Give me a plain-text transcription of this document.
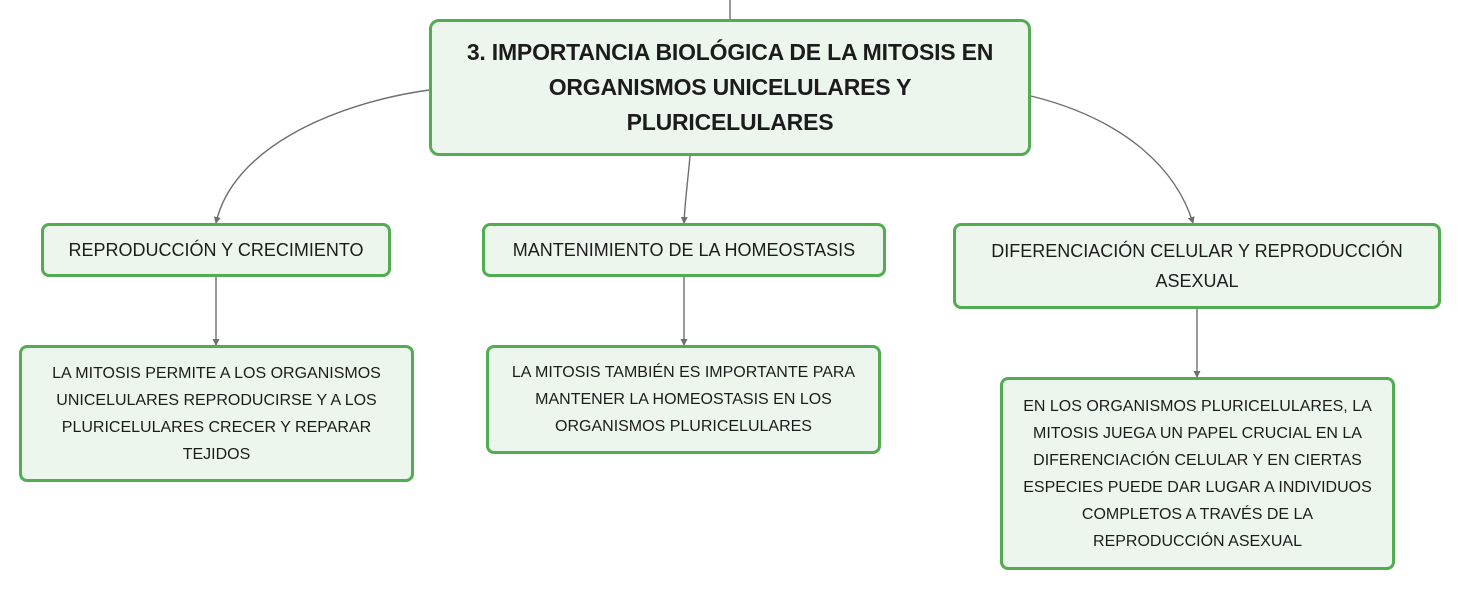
3. IMPORTANCIA BIOLÓGICA DE LA MITOSIS EN ORGANISMOS UNICELULARES Y PLURICELULARES
REPRODUCCIÓN Y CRECIMIENTO	MANTENIMIENTO DE LA HOMEOSTASIS	DIFERENCIACIÓN CELULAR Y REPRODUCCIÓN ASEXUAL
LA MITOSIS PERMITE A LOS ORGANISMOS UNICELULARES REPRODUCIRSE Y A LOS PLURICELULARES CRECER Y REPARAR TEJIDOS
LA MITOSIS TAMBIÉN ES IMPORTANTE PARA MANTENER LA HOMEOSTASIS EN LOS ORGANISMOS PLURICELULARES
EN LOS ORGANISMOS PLURICELULARES, LA MITOSIS JUEGA UN PAPEL CRUCIAL EN LA DIFERENCIACIÓN CELULAR Y EN CIERTAS ESPECIES PUEDE DAR LUGAR A INDIVIDUOS COMPLETOS A TRAVÉS DE LA REPRODUCCIÓN ASEXUAL
